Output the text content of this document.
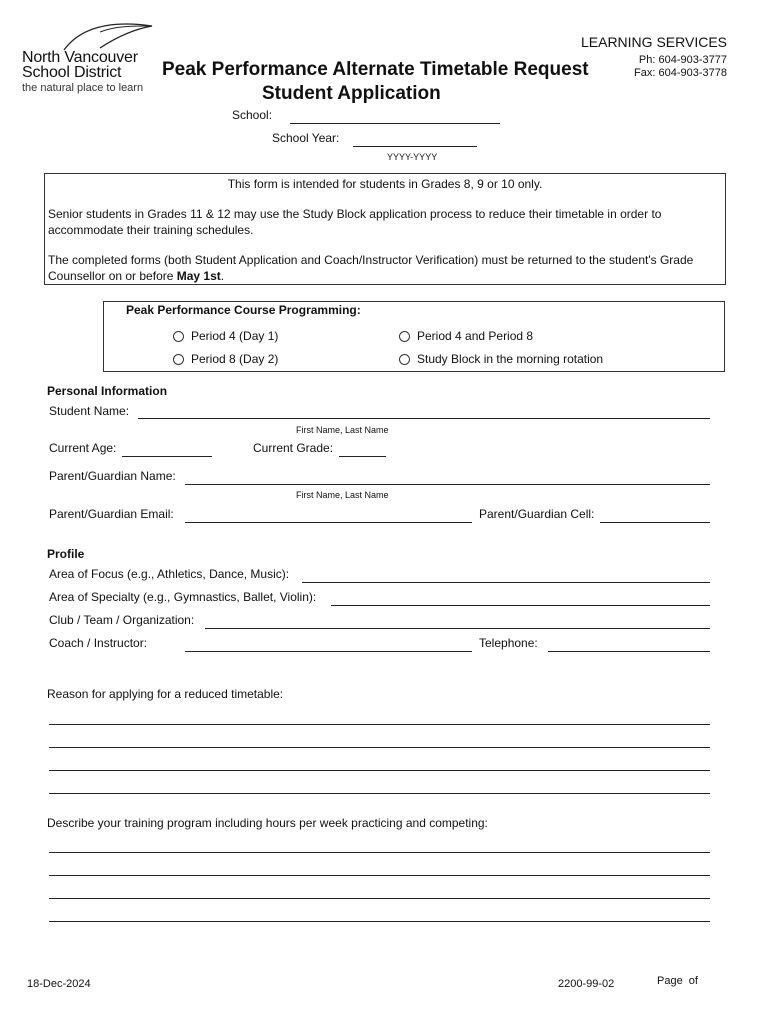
North Vancouver
School District
the natural place to learn
LEARNING SERVICES
Ph: 604-903-3777
Fax: 604-903-3778
Peak Performance Alternate Timetable Request
Student Application
School:
School Year:
YYYY-YYYY
This form is intended for students in Grades 8, 9 or 10 only.
Senior students in Grades 11 & 12 may use the Study Block application process to reduce their timetable in order to accommodate their training schedules.
The completed forms (both Student Application and Coach/Instructor Verification) must be returned to the student's Grade Counsellor on or before May 1st.
Peak Performance Course Programming:
Period 4 (Day 1)	Period 4 and Period 8
Period 8 (Day 2)	Study Block in the morning rotation
Personal Information
Student Name:
First Name, Last Name
Current Age:	Current Grade:
Parent/Guardian Name:
First Name, Last Name
Parent/Guardian Email:	Parent/Guardian Cell:
Profile
Area of Focus (e.g., Athletics, Dance, Music):
Area of Specialty (e.g., Gymnastics, Ballet, Violin):
Club / Team / Organization:
Coach / Instructor:	Telephone:
Reason for applying for a reduced timetable:
Describe your training program including hours per week practicing and competing:
18-Dec-2024	2200-99-02	Page  of
